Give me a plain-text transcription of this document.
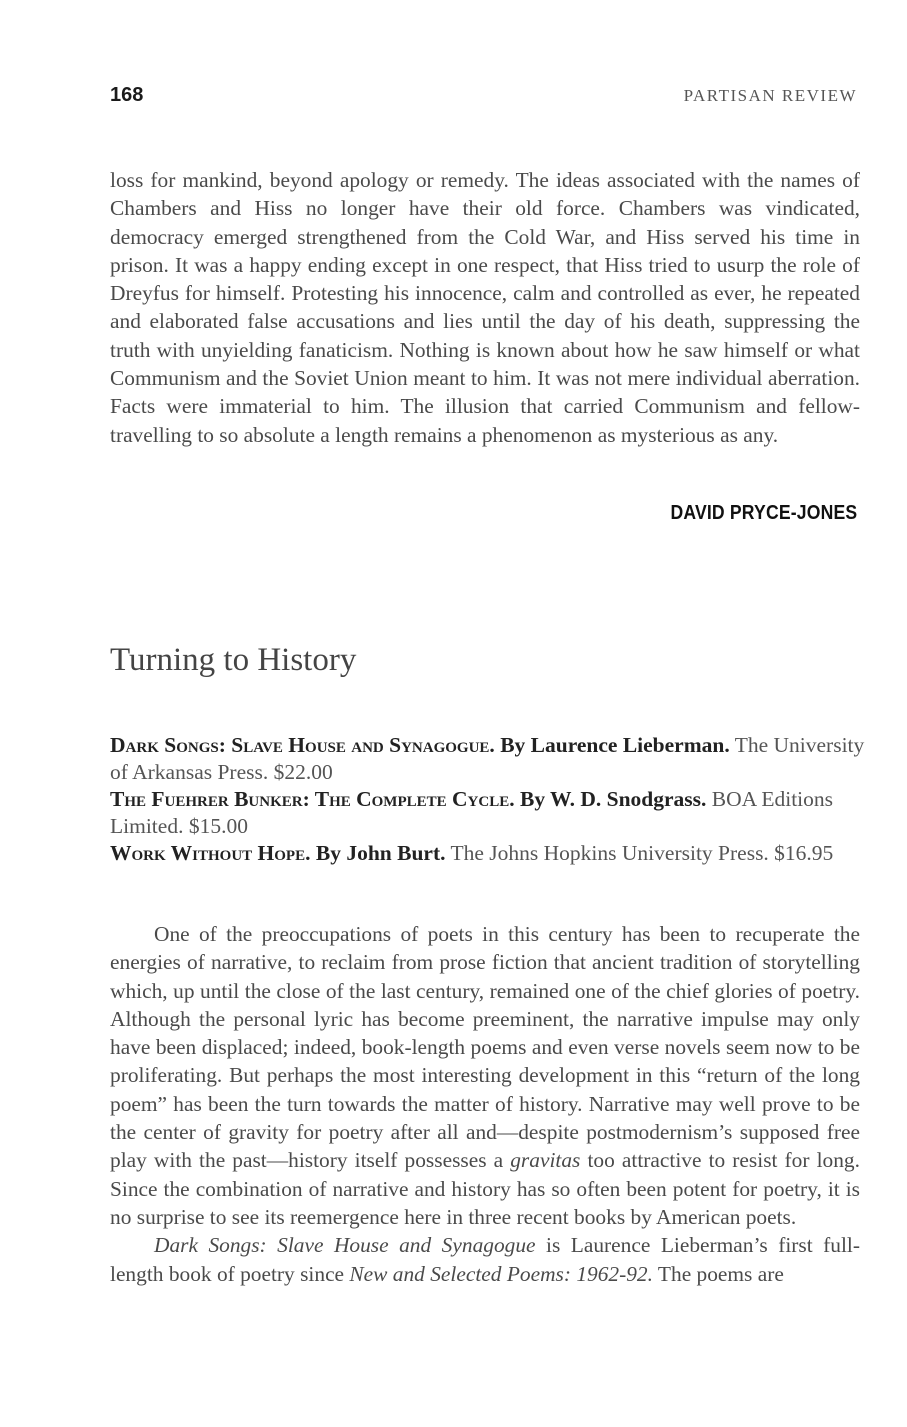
168	PARTISAN REVIEW

loss for mankind, beyond apology or remedy. The ideas associated with the names of Chambers and Hiss no longer have their old force. Chambers was vindicated, democracy emerged strengthened from the Cold War, and Hiss served his time in prison. It was a happy ending except in one respect, that Hiss tried to usurp the role of Dreyfus for himself. Protesting his innocence, calm and controlled as ever, he repeated and elaborated false accusations and lies until the day of his death, suppressing the truth with unyielding fanaticism. Nothing is known about how he saw himself or what Communism and the Soviet Union meant to him. It was not mere individual aberration. Facts were immaterial to him. The illusion that carried Communism and fellow-travelling to so absolute a length remains a phenomenon as mysterious as any.

DAVID PRYCE-JONES
Turning to History

Dark Songs: Slave House and Synagogue. By Laurence Lieberman. The University of Arkansas Press. $22.00

The Fuehrer Bunker: The Complete Cycle. By W. D. Snodgrass. BOA Editions Limited. $15.00

Work Without Hope. By John Burt. The Johns Hopkins University Press. $16.95

One of the preoccupations of poets in this century has been to recuperate the energies of narrative, to reclaim from prose fiction that ancient tradition of storytelling which, up until the close of the last century, remained one of the chief glories of poetry. Although the personal lyric has become preeminent, the narrative impulse may only have been displaced; indeed, book-length poems and even verse novels seem now to be proliferating. But perhaps the most interesting development in this “return of the long poem” has been the turn towards the matter of history. Narrative may well prove to be the center of gravity for poetry after all and—despite postmodernism’s supposed free play with the past—history itself possesses a gravitas too attractive to resist for long. Since the combination of narrative and history has so often been potent for poetry, it is no surprise to see its reemergence here in three recent books by American poets.

Dark Songs: Slave House and Synagogue is Laurence Lieberman’s first full-length book of poetry since New and Selected Poems: 1962-92. The poems are
